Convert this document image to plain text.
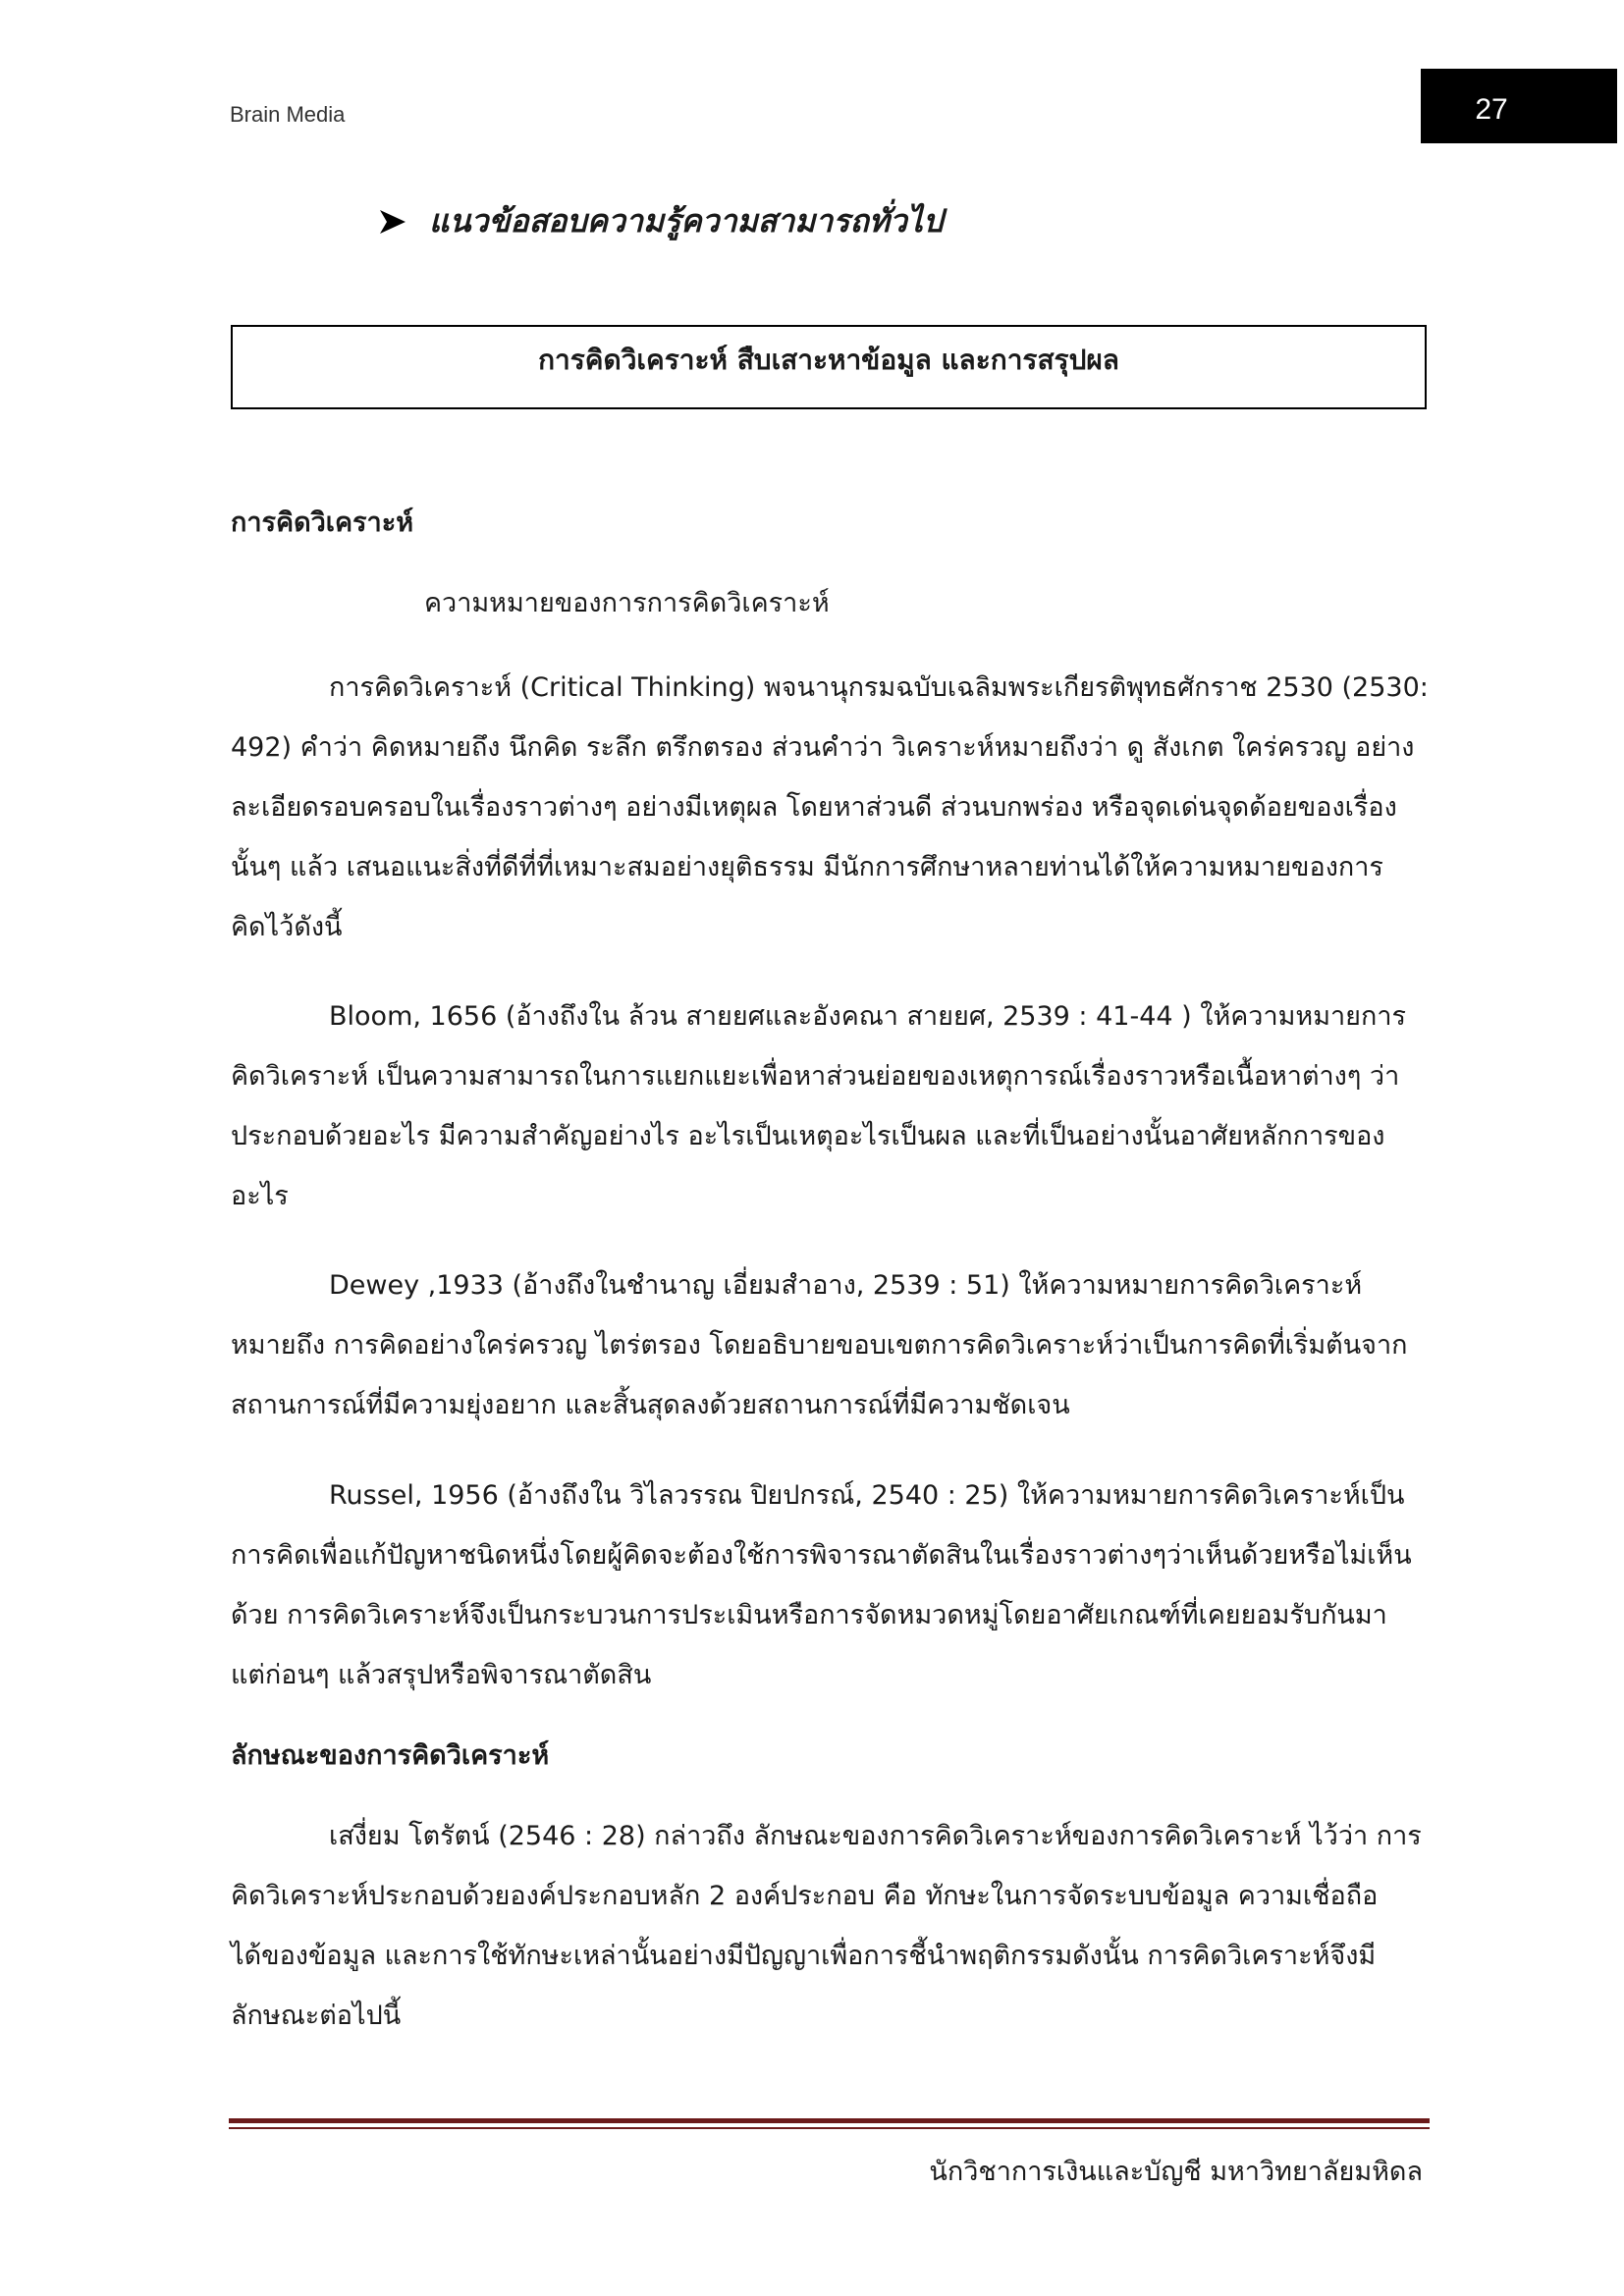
Brain Media	27
แนวข้อสอบความรู้ความสามารถทั่วไป
การคิดวิเคราะห์ สืบเสาะหาข้อมูล และการสรุปผล
การคิดวิเคราะห์
ความหมายของการการคิดวิเคราะห์
การคิดวิเคราะห์ (Critical Thinking) พจนานุกรมฉบับเฉลิมพระเกียรติพุทธศักราช 2530 (2530:
492) คำว่า คิดหมายถึง นึกคิด ระลึก ตรึกตรอง ส่วนคำว่า วิเคราะห์หมายถึงว่า ดู สังเกต ใคร่ครวญ อย่าง
ละเอียดรอบครอบในเรื่องราวต่างๆ อย่างมีเหตุผล โดยหาส่วนดี ส่วนบกพร่อง หรือจุดเด่นจุดด้อยของเรื่อง
นั้นๆ แล้ว เสนอแนะสิ่งที่ดีที่ที่เหมาะสมอย่างยุติธรรม มีนักการศึกษาหลายท่านได้ให้ความหมายของการ
คิดไว้ดังนี้
Bloom, 1656 (อ้างถึงใน ล้วน สายยศและอังคณา สายยศ, 2539 : 41-44 ) ให้ความหมายการ
คิดวิเคราะห์ เป็นความสามารถในการแยกแยะเพื่อหาส่วนย่อยของเหตุการณ์เรื่องราวหรือเนื้อหาต่างๆ ว่า
ประกอบด้วยอะไร มีความสำคัญอย่างไร อะไรเป็นเหตุอะไรเป็นผล และที่เป็นอย่างนั้นอาศัยหลักการของ
อะไร
Dewey ,1933 (อ้างถึงในชำนาญ เอี่ยมสำอาง, 2539 : 51) ให้ความหมายการคิดวิเคราะห์
หมายถึง การคิดอย่างใคร่ครวญ ไตร่ตรอง โดยอธิบายขอบเขตการคิดวิเคราะห์ว่าเป็นการคิดที่เริ่มต้นจาก
สถานการณ์ที่มีความยุ่งอยาก และสิ้นสุดลงด้วยสถานการณ์ที่มีความชัดเจน
Russel, 1956 (อ้างถึงใน วิไลวรรณ ปิยปกรณ์, 2540 : 25) ให้ความหมายการคิดวิเคราะห์เป็น
การคิดเพื่อแก้ปัญหาชนิดหนึ่งโดยผู้คิดจะต้องใช้การพิจารณาตัดสินในเรื่องราวต่างๆว่าเห็นด้วยหรือไม่เห็น
ด้วย การคิดวิเคราะห์จึงเป็นกระบวนการประเมินหรือการจัดหมวดหมู่โดยอาศัยเกณฑ์ที่เคยยอมรับกันมา
แต่ก่อนๆ แล้วสรุปหรือพิจารณาตัดสิน
ลักษณะของการคิดวิเคราะห์
เสงี่ยม โตรัตน์ (2546 : 28) กล่าวถึง ลักษณะของการคิดวิเคราะห์ของการคิดวิเคราะห์ ไว้ว่า การ
คิดวิเคราะห์ประกอบด้วยองค์ประกอบหลัก 2 องค์ประกอบ คือ ทักษะในการจัดระบบข้อมูล ความเชื่อถือ
ได้ของข้อมูล และการใช้ทักษะเหล่านั้นอย่างมีปัญญาเพื่อการชี้นำพฤติกรรมดังนั้น การคิดวิเคราะห์จึงมี
ลักษณะต่อไปนี้
นักวิชาการเงินและบัญชี มหาวิทยาลัยมหิดล
